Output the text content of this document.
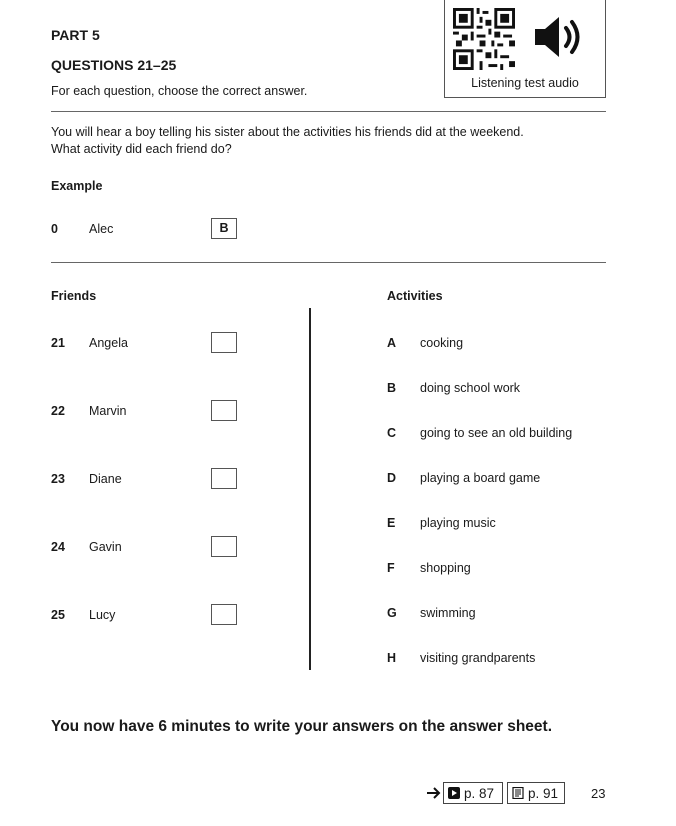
PART 5
QUESTIONS 21–25
For each question, choose the correct answer.
Listening test audio
You will hear a boy telling his sister about the activities his friends did at the weekend.
What activity did each friend do?
Example
0 Alec	B
Friends	Activities
21 Angela
22 Marvin
23 Diane
24 Gavin
25 Lucy
A cooking
B doing school work
C going to see an old building
D playing a board game
E playing music
F shopping
G swimming
H visiting grandparents
You now have 6 minutes to write your answers on the answer sheet.
p. 87	p. 91	23
